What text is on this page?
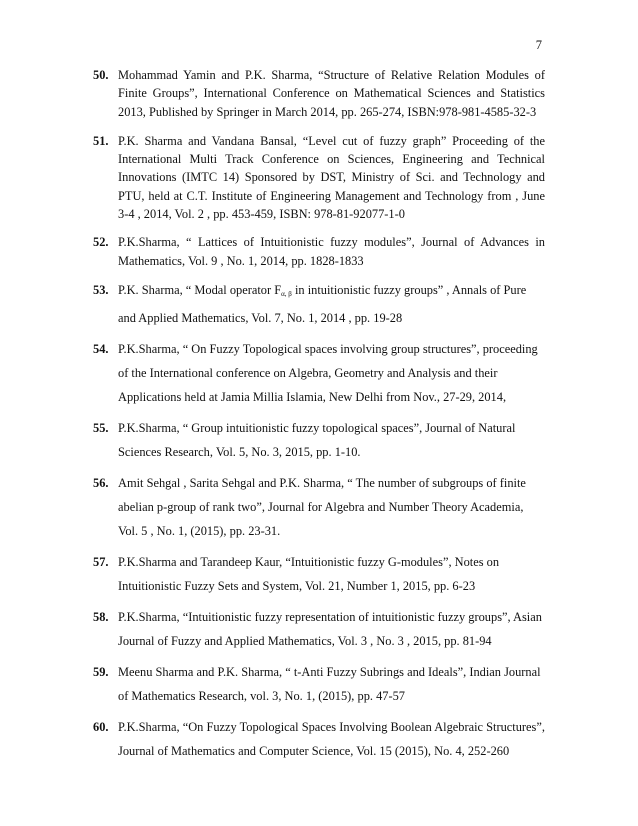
7
50. Mohammad Yamin and P.K. Sharma, “Structure of Relative Relation Modules of Finite Groups”, International Conference on Mathematical Sciences and Statistics 2013, Published by Springer in March 2014, pp. 265-274, ISBN:978-981-4585-32-3
51. P.K. Sharma and Vandana Bansal, “Level cut of fuzzy graph” Proceeding of the International Multi Track Conference on Sciences, Engineering and Technical Innovations (IMTC 14) Sponsored by DST, Ministry of Sci. and Technology and PTU, held at C.T. Institute of Engineering Management and Technology from , June 3-4 , 2014, Vol. 2 , pp. 453-459, ISBN: 978-81-92077-1-0
52. P.K.Sharma, “ Lattices of Intuitionistic fuzzy modules”, Journal of Advances in Mathematics, Vol. 9 , No. 1, 2014, pp. 1828-1833
53. P.K. Sharma, “ Modal operator $F_{\alpha, \beta}$ in intuitionistic fuzzy groups” , Annals of Pure and Applied Mathematics, Vol. 7, No. 1, 2014 , pp. 19-28
54. P.K.Sharma, “ On Fuzzy Topological spaces involving group structures”, proceeding of the International conference on Algebra, Geometry and Analysis and their Applications held at Jamia Millia Islamia, New Delhi from Nov., 27-29, 2014,
55. P.K.Sharma, “ Group intuitionistic fuzzy topological spaces”, Journal of Natural Sciences Research, Vol. 5, No. 3, 2015, pp. 1-10.
56. Amit Sehgal , Sarita Sehgal and P.K. Sharma, “ The number of subgroups of finite abelian p-group of rank two”, Journal for Algebra and Number Theory Academia, Vol. 5 , No. 1, (2015), pp. 23-31.
57. P.K.Sharma and Tarandeep Kaur, “Intuitionistic fuzzy G-modules”, Notes on Intuitionistic Fuzzy Sets and System, Vol. 21, Number 1, 2015, pp. 6-23
58. P.K.Sharma, “Intuitionistic fuzzy representation of intuitionistic fuzzy groups”, Asian Journal of Fuzzy and Applied Mathematics, Vol. 3 , No. 3 , 2015, pp. 81-94
59. Meenu Sharma and P.K. Sharma, “ t-Anti Fuzzy Subrings and Ideals”, Indian Journal of Mathematics Research, vol. 3, No. 1, (2015), pp. 47-57
60. P.K.Sharma, “On Fuzzy Topological Spaces Involving Boolean Algebraic Structures”, Journal of Mathematics and Computer Science, Vol. 15 (2015), No. 4, 252-260
